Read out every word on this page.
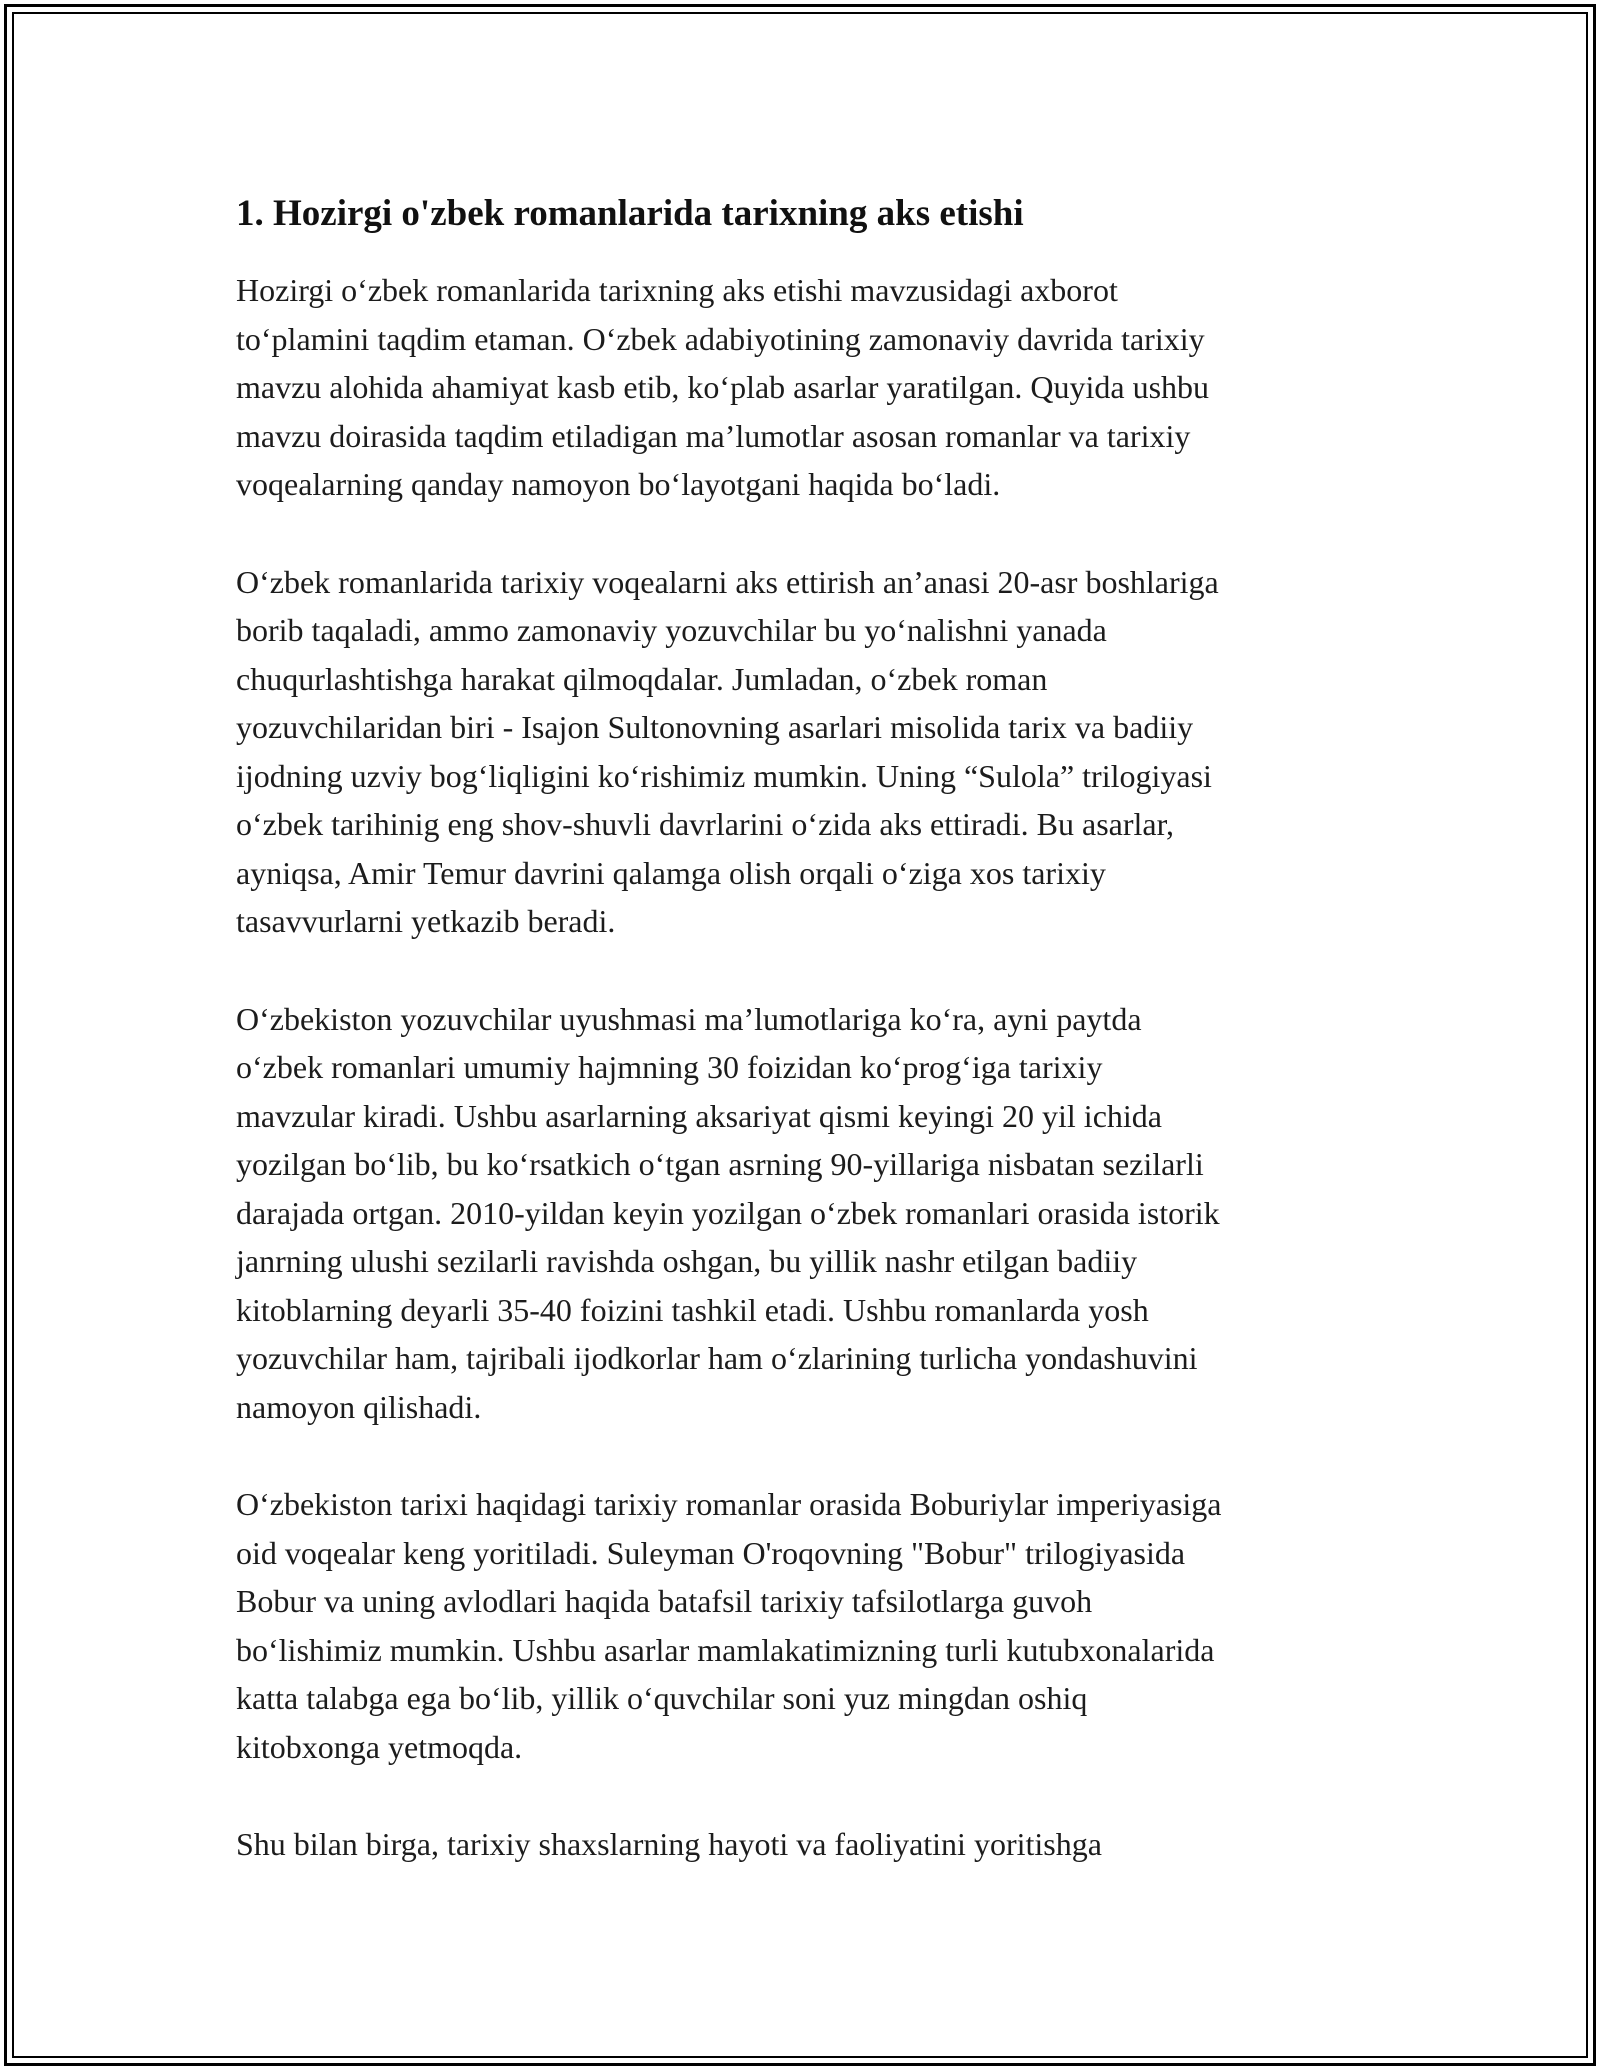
1. Hozirgi o'zbek romanlarida tarixning aks etishi

Hozirgi o‘zbek romanlarida tarixning aks etishi mavzusidagi axborot
to‘plamini taqdim etaman. O‘zbek adabiyotining zamonaviy davrida tarixiy
mavzu alohida ahamiyat kasb etib, ko‘plab asarlar yaratilgan. Quyida ushbu
mavzu doirasida taqdim etiladigan ma’lumotlar asosan romanlar va tarixiy
voqealarning qanday namoyon bo‘layotgani haqida bo‘ladi.

O‘zbek romanlarida tarixiy voqealarni aks ettirish an’anasi 20-asr boshlariga
borib taqaladi, ammo zamonaviy yozuvchilar bu yo‘nalishni yanada
chuqurlashtishga harakat qilmoqdalar. Jumladan, o‘zbek roman
yozuvchilaridan biri - Isajon Sultonovning asarlari misolida tarix va badiiy
ijodning uzviy bog‘liqligini ko‘rishimiz mumkin. Uning “Sulola” trilogiyasi
o‘zbek tarihinig eng shov-shuvli davrlarini o‘zida aks ettiradi. Bu asarlar,
ayniqsa, Amir Temur davrini qalamga olish orqali o‘ziga xos tarixiy
tasavvurlarni yetkazib beradi.

O‘zbekiston yozuvchilar uyushmasi ma’lumotlariga ko‘ra, ayni paytda
o‘zbek romanlari umumiy hajmning 30 foizidan ko‘prog‘iga tarixiy
mavzular kiradi. Ushbu asarlarning aksariyat qismi keyingi 20 yil ichida
yozilgan bo‘lib, bu ko‘rsatkich o‘tgan asrning 90-yillariga nisbatan sezilarli
darajada ortgan. 2010-yildan keyin yozilgan o‘zbek romanlari orasida istorik
janrning ulushi sezilarli ravishda oshgan, bu yillik nashr etilgan badiiy
kitoblarning deyarli 35-40 foizini tashkil etadi. Ushbu romanlarda yosh
yozuvchilar ham, tajribali ijodkorlar ham o‘zlarining turlicha yondashuvini
namoyon qilishadi.

O‘zbekiston tarixi haqidagi tarixiy romanlar orasida Boburiylar imperiyasiga
oid voqealar keng yoritiladi. Suleyman O'roqovning "Bobur" trilogiyasida
Bobur va uning avlodlari haqida batafsil tarixiy tafsilotlarga guvoh
bo‘lishimiz mumkin. Ushbu asarlar mamlakatimizning turli kutubxonalarida
katta talabga ega bo‘lib, yillik o‘quvchilar soni yuz mingdan oshiq
kitobxonga yetmoqda.

Shu bilan birga, tarixiy shaxslarning hayoti va faoliyatini yoritishga
